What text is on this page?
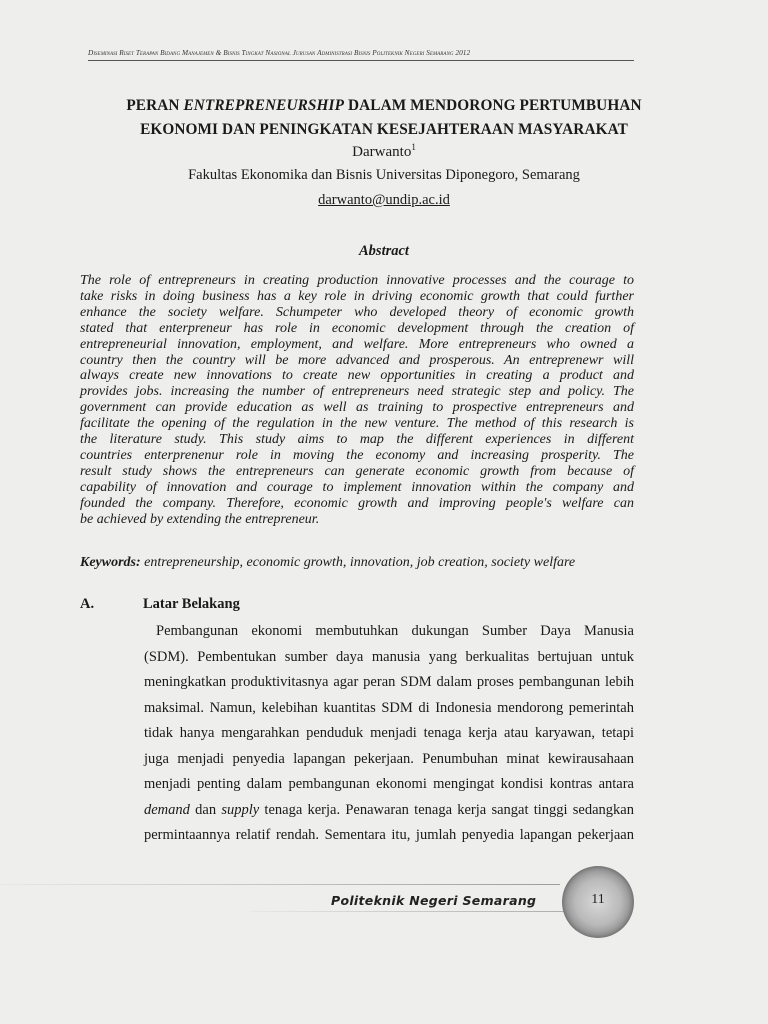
Diseminasi Riset Terapan Bidang Manajemen & Bisnis Tingkat Nasional Jurusan Administrasi Bisnis Politeknik Negeri Semarang 2012
PERAN ENTREPRENEURSHIP DALAM MENDORONG PERTUMBUHAN
EKONOMI DAN PENINGKATAN KESEJAHTERAAN MASYARAKAT
Darwanto$^1$
Fakultas Ekonomika dan Bisnis Universitas Diponegoro, Semarang
darwanto@undip.ac.id
Abstract
The role of entrepreneurs in creating production innovative processes and the courage to
take risks in doing business has a key role in driving economic growth that could further
enhance the society welfare. Schumpeter who developed theory of economic growth
stated that enterpreneur has role in economic development through the creation of
entrepreneurial innovation, employment, and welfare. More entrepreneurs who owned a
country then the country will be more advanced and prosperous. An entreprenewr will
always create new innovations to create new opportunities in creating a product and
provides jobs. increasing the number of entrepreneurs need strategic step and policy. The
government can provide education as well as training to prospective entrepreneurs and
facilitate the opening of the regulation in the new venture. The method of this research is
the literature study. This study aims to map the different experiences in different
countries enterprenenur role in moving the economy and increasing prosperity. The
result study shows the entrepreneurs can generate economic growth from because of
capability of innovation and courage to implement innovation within the company and
founded the company. Therefore, economic growth and improving people's welfare can
be achieved by extending the entrepreneur.
Keywords: entrepreneurship, economic growth, innovation, job creation, society welfare
A.	Latar Belakang
Pembangunan ekonomi membutuhkan dukungan Sumber Daya Manusia
(SDM). Pembentukan sumber daya manusia yang berkualitas bertujuan untuk
meningkatkan produktivitasnya agar peran SDM dalam proses pembangunan lebih
maksimal. Namun, kelebihan kuantitas SDM di Indonesia mendorong pemerintah
tidak hanya mengarahkan penduduk menjadi tenaga kerja atau karyawan, tetapi
juga menjadi penyedia lapangan pekerjaan. Penumbuhan minat kewirausahaan
menjadi penting dalam pembangunan ekonomi mengingat kondisi kontras antara
demand dan supply tenaga kerja. Penawaran tenaga kerja sangat tinggi sedangkan
permintaannya relatif rendah. Sementara itu, jumlah penyedia lapangan pekerjaan
Politeknik Negeri Semarang	11
